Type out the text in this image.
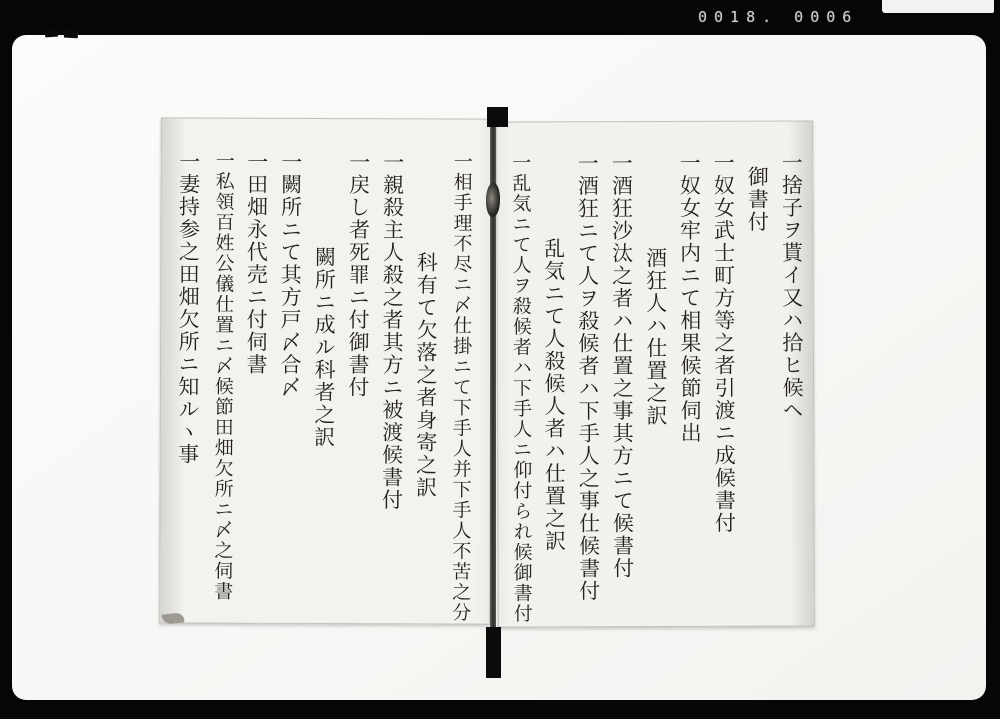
0018. 0006
一相手理不尽ニ〆仕掛ニて下手人并下手人不苦之分
科有て欠落之者身寄之訳
一親殺主人殺之者其方ニ被渡候書付
一戻し者死罪ニ付御書付
闕所ニ成ル科者之訳
一闕所ニて其方戸〆合〆
一田畑永代売ニ付伺書
一私領百姓公儀仕置ニ〆候節田畑欠所ニ〆之伺書
一妻持参之田畑欠所ニ知ルヽ事	一捨子ヲ貰イ又ハ拾ヒ候ヘ𪜈事并捨子制禁之
御書付
一奴女武士町方等之者引渡ニ成候書付
一奴女牢内ニて相果候節伺出
酒狂人ハ仕置之訳
一酒狂沙汰之者ハ仕置之事其方ニて候書付
一酒狂ニて人ヲ殺候者ハ下手人之事仕候書付
乱気ニて人殺候人者ハ仕置之訳
一乱気ニて人ヲ殺候者ハ下手人ニ仰付られ候御書付
